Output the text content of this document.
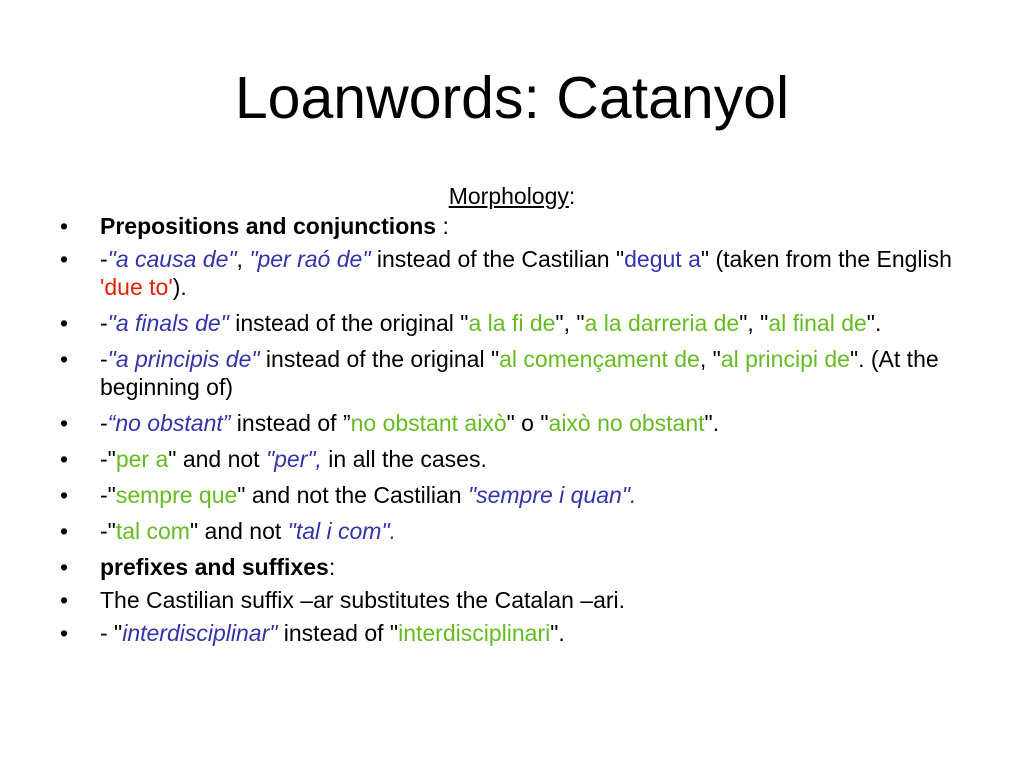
Loanwords: Catanyol
Morphology:
• Prepositions and conjunctions :
• -"a causa de", "per raó de" instead of the Castilian "degut a" (taken from the English 'due to').
• -"a finals de" instead of the original "a la fi de", "a la darreria de", "al final de".
• -"a principis de" instead of the original "al començament de, "al principi de". (At the beginning of)
• -“no obstant” instead of ”no obstant això" o "això no obstant".
• -"per a" and not "per", in all the cases.
• -"sempre que" and not the Castilian "sempre i quan".
• -"tal com" and not "tal i com".
• prefixes and suffixes:
• The Castilian suffix –ar substitutes the Catalan –ari.
• - "interdisciplinar" instead of "interdisciplinari".
